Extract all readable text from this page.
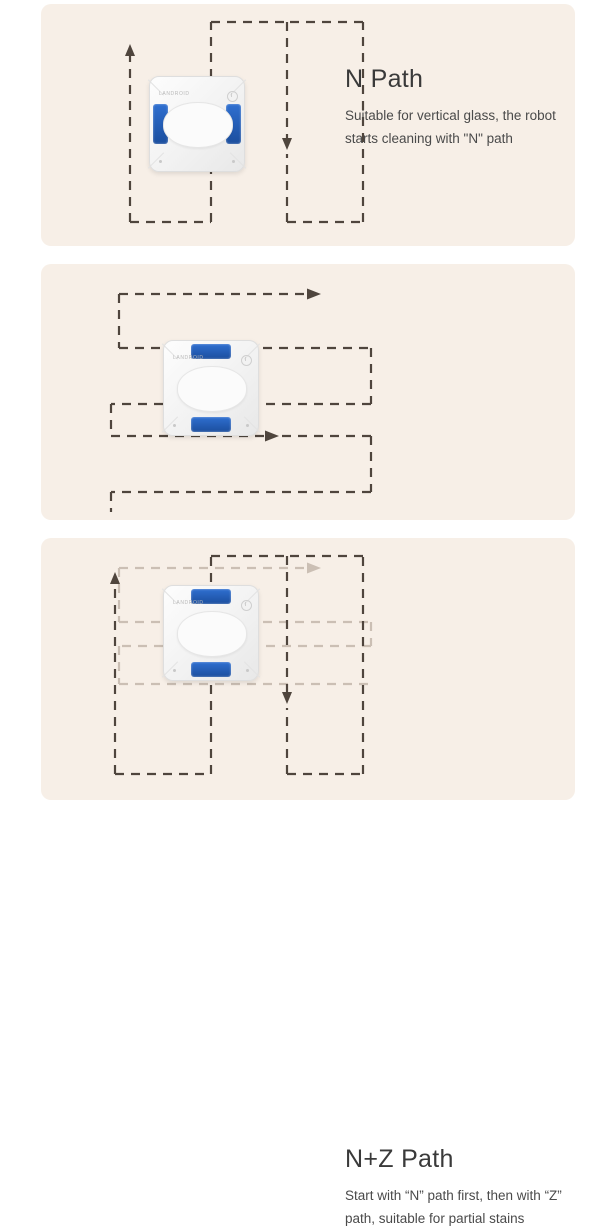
LANDROID
N Path

Suitable for vertical glass, the robot starts cleaning with "N" path

LANDROID

LANDROID
N+Z Path

Start with “N” path first, then with “Z” path, suitable for partial stains
